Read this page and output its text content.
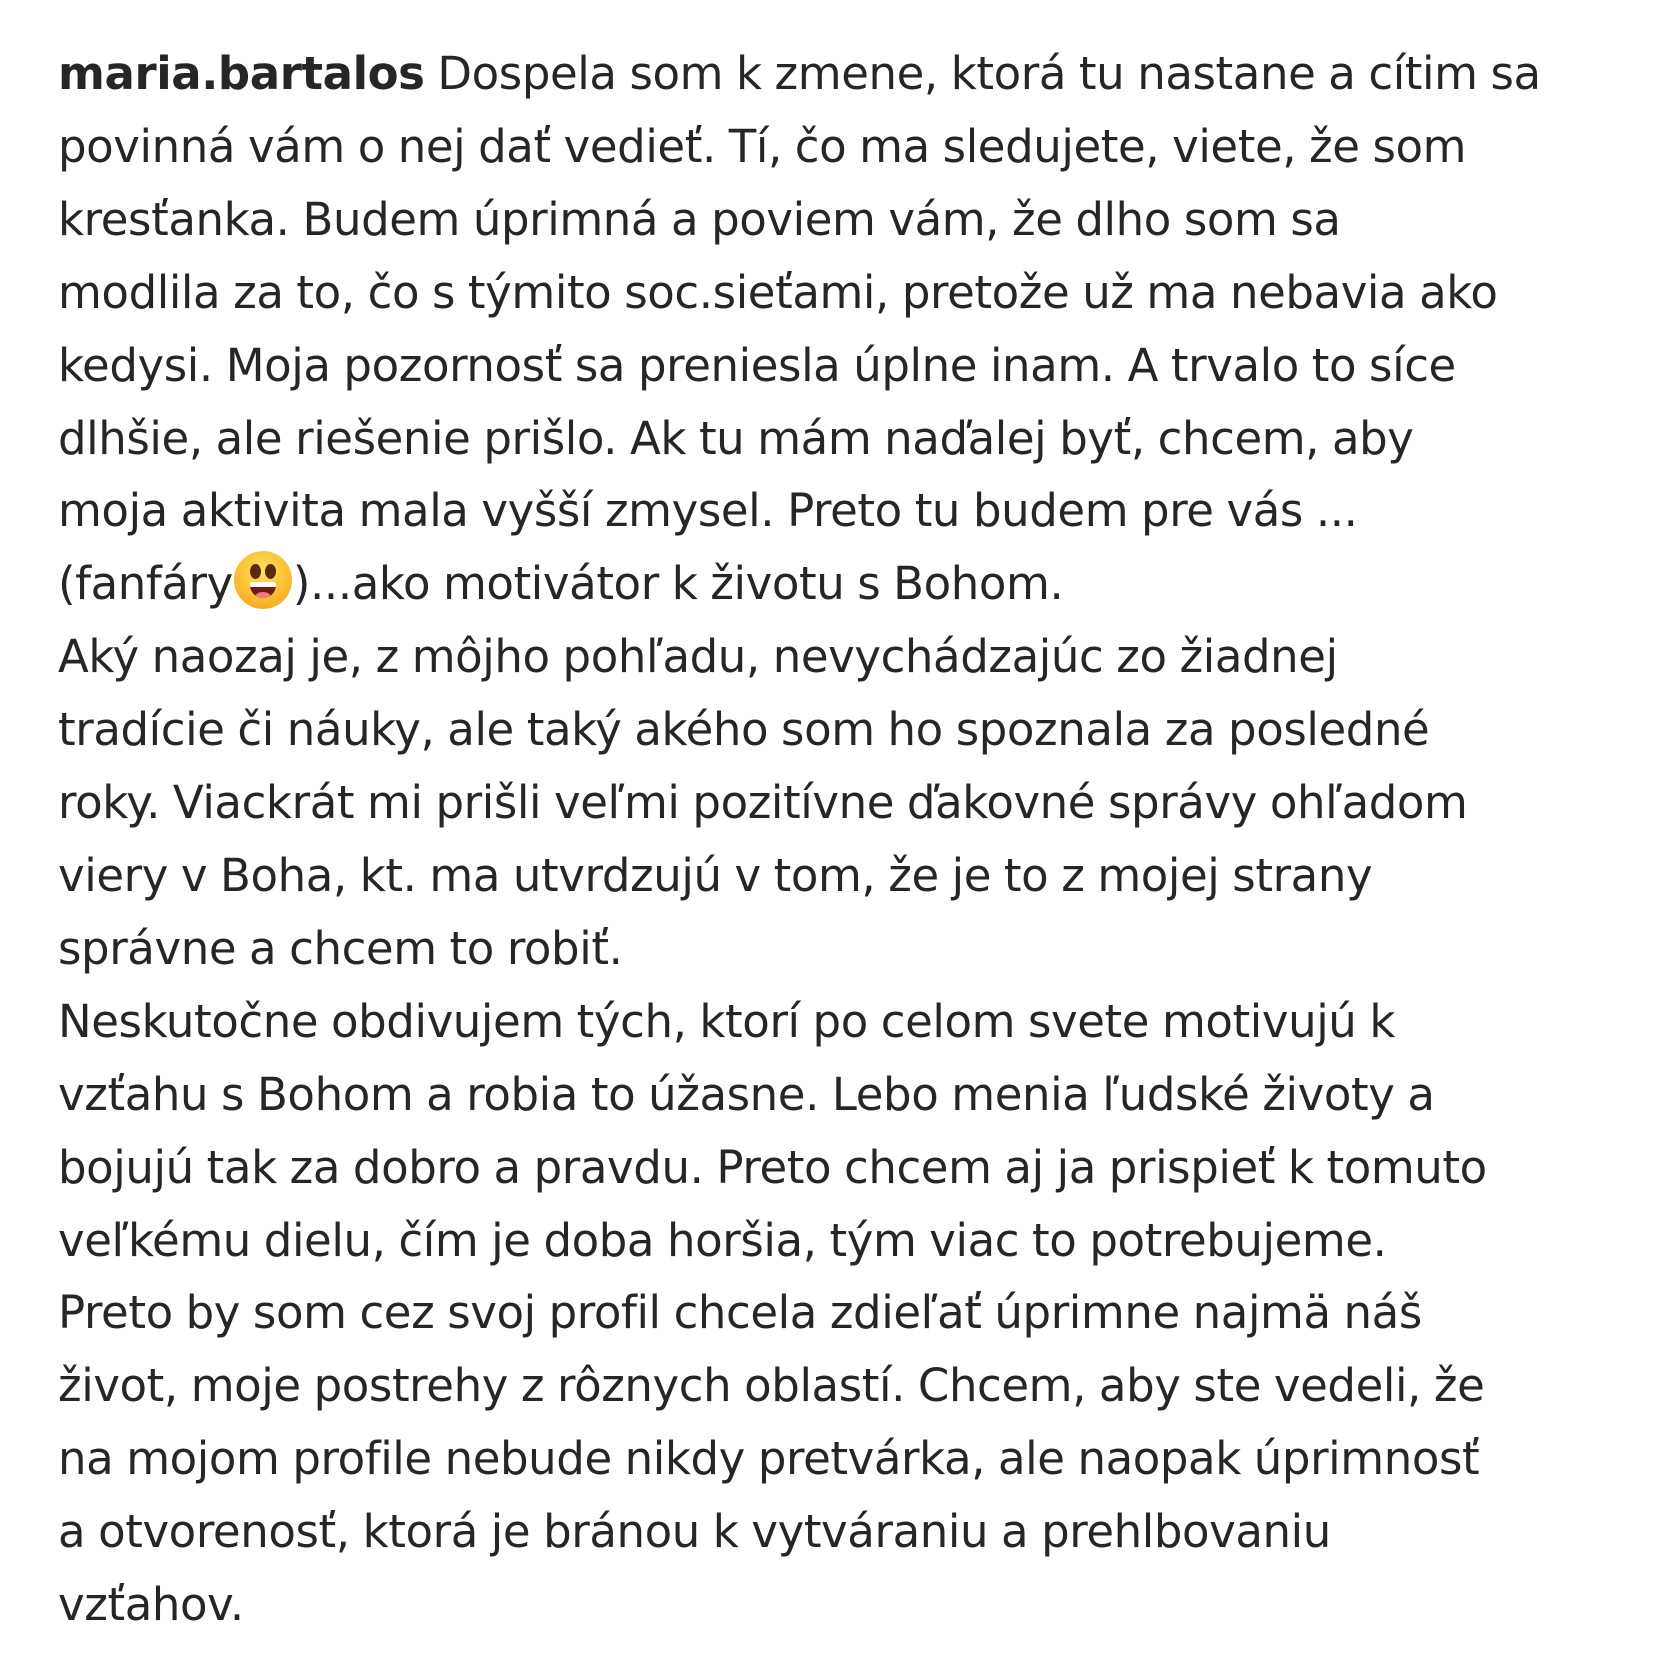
maria.bartalos Dospela som k zmene, ktorá tu nastane a cítim sa
povinná vám o nej dať vedieť. Tí, čo ma sledujete, viete, že som
kresťanka. Budem úprimná a poviem vám, že dlho som sa
modlila za to, čo s týmito soc.sieťami, pretože už ma nebavia ako
kedysi. Moja pozornosť sa preniesla úplne inam. A trvalo to síce
dlhšie, ale riešenie prišlo. Ak tu mám naďalej byť, chcem, aby
moja aktivita mala vyšší zmysel. Preto tu budem pre vás ...
(fanfáry )...ako motivátor k životu s Bohom.
Aký naozaj je, z môjho pohľadu, nevychádzajúc zo žiadnej
tradície či náuky, ale taký akého som ho spoznala za posledné
roky. Viackrát mi prišli veľmi pozitívne ďakovné správy ohľadom
viery v Boha, kt. ma utvrdzujú v tom, že je to z mojej strany
správne a chcem to robiť.
Neskutočne obdivujem tých, ktorí po celom svete motivujú k
vzťahu s Bohom a robia to úžasne. Lebo menia ľudské životy a
bojujú tak za dobro a pravdu. Preto chcem aj ja prispieť k tomuto
veľkému dielu, čím je doba horšia, tým viac to potrebujeme.
Preto by som cez svoj profil chcela zdieľať úprimne najmä náš
život, moje postrehy z rôznych oblastí. Chcem, aby ste vedeli, že
na mojom profile nebude nikdy pretvárka, ale naopak úprimnosť
a otvorenosť, ktorá je bránou k vytváraniu a prehlbovaniu
vzťahov.
